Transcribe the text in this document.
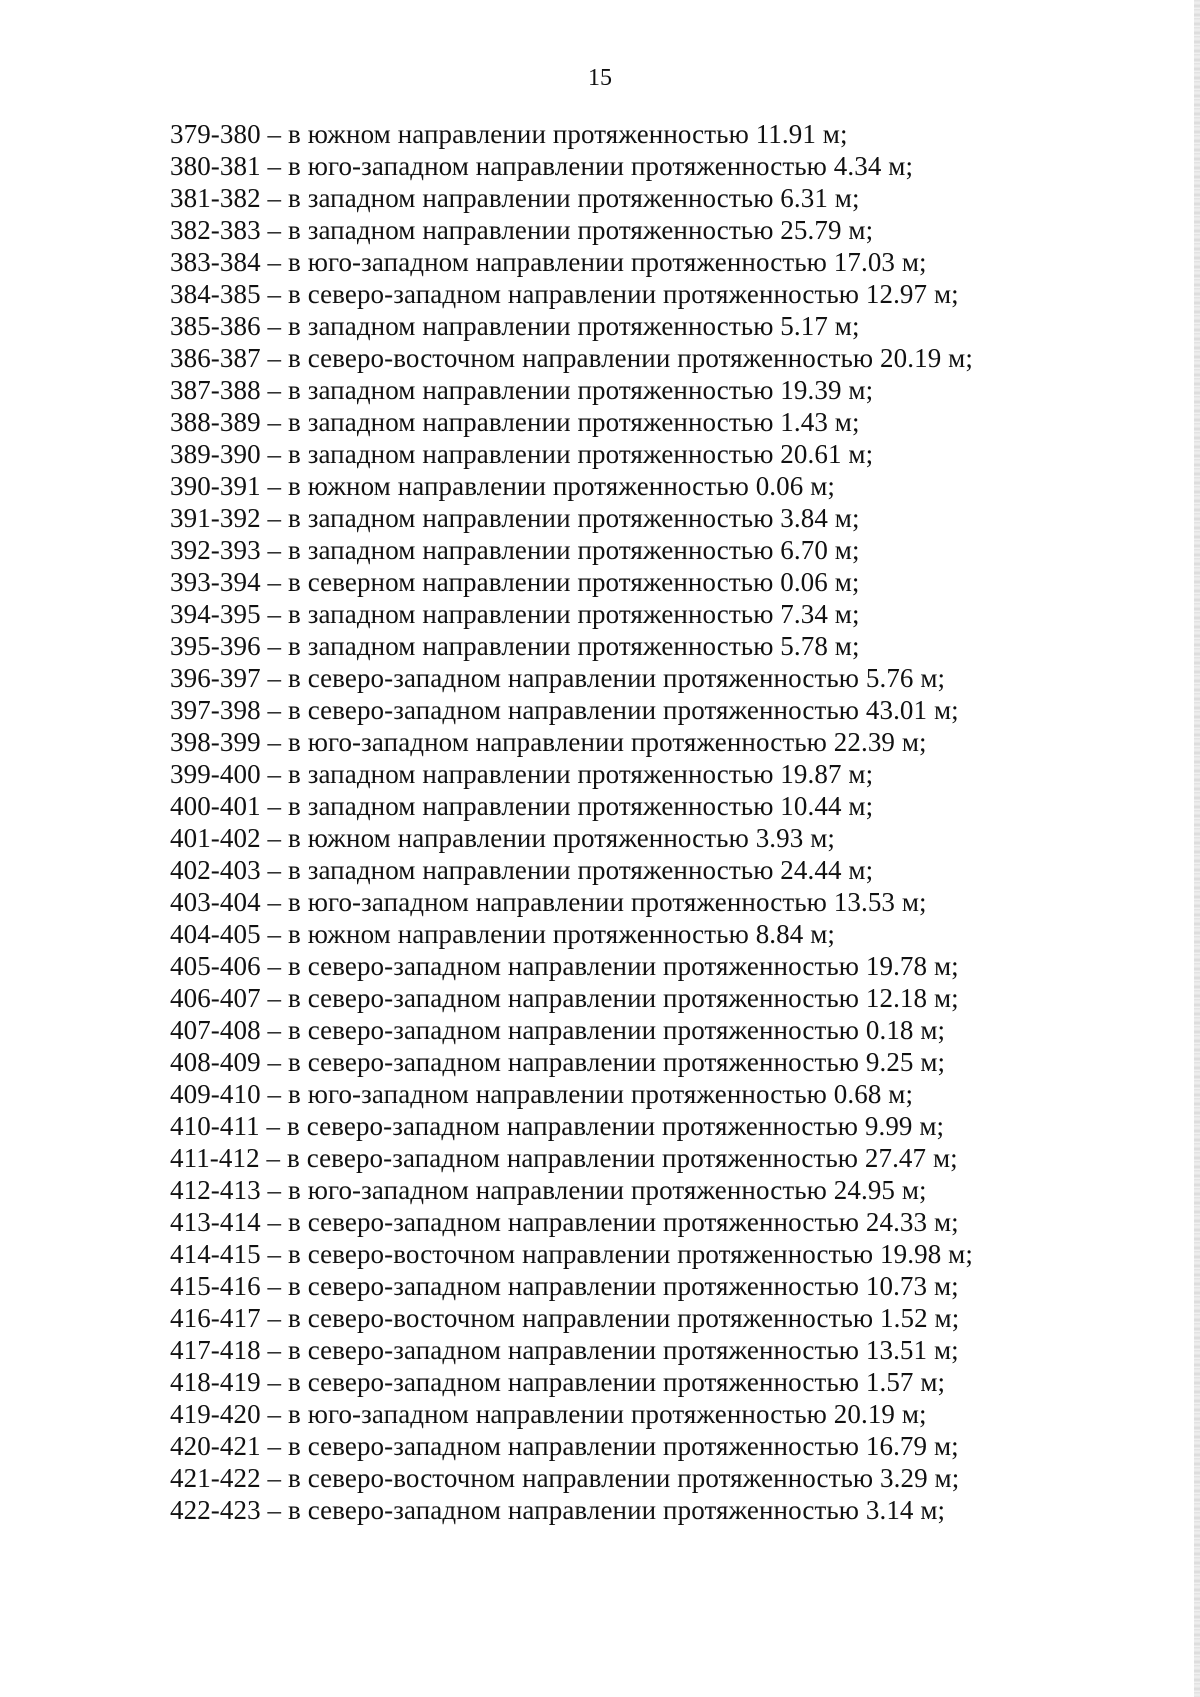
15
379-380 – в южном направлении протяженностью 11.91 м;
380-381 – в юго-западном направлении протяженностью 4.34 м;
381-382 – в западном направлении протяженностью 6.31 м;
382-383 – в западном направлении протяженностью 25.79 м;
383-384 – в юго-западном направлении протяженностью 17.03 м;
384-385 – в северо-западном направлении протяженностью 12.97 м;
385-386 – в западном направлении протяженностью 5.17 м;
386-387 – в северо-восточном направлении протяженностью 20.19 м;
387-388 – в западном направлении протяженностью 19.39 м;
388-389 – в западном направлении протяженностью 1.43 м;
389-390 – в западном направлении протяженностью 20.61 м;
390-391 – в южном направлении протяженностью 0.06 м;
391-392 – в западном направлении протяженностью 3.84 м;
392-393 – в западном направлении протяженностью 6.70 м;
393-394 – в северном направлении протяженностью 0.06 м;
394-395 – в западном направлении протяженностью 7.34 м;
395-396 – в западном направлении протяженностью 5.78 м;
396-397 – в северо-западном направлении протяженностью 5.76 м;
397-398 – в северо-западном направлении протяженностью 43.01 м;
398-399 – в юго-западном направлении протяженностью 22.39 м;
399-400 – в западном направлении протяженностью 19.87 м;
400-401 – в западном направлении протяженностью 10.44 м;
401-402 – в южном направлении протяженностью 3.93 м;
402-403 – в западном направлении протяженностью 24.44 м;
403-404 – в юго-западном направлении протяженностью 13.53 м;
404-405 – в южном направлении протяженностью 8.84 м;
405-406 – в северо-западном направлении протяженностью 19.78 м;
406-407 – в северо-западном направлении протяженностью 12.18 м;
407-408 – в северо-западном направлении протяженностью 0.18 м;
408-409 – в северо-западном направлении протяженностью 9.25 м;
409-410 – в юго-западном направлении протяженностью 0.68 м;
410-411 – в северо-западном направлении протяженностью 9.99 м;
411-412 – в северо-западном направлении протяженностью 27.47 м;
412-413 – в юго-западном направлении протяженностью 24.95 м;
413-414 – в северо-западном направлении протяженностью 24.33 м;
414-415 – в северо-восточном направлении протяженностью 19.98 м;
415-416 – в северо-западном направлении протяженностью 10.73 м;
416-417 – в северо-восточном направлении протяженностью 1.52 м;
417-418 – в северо-западном направлении протяженностью 13.51 м;
418-419 – в северо-западном направлении протяженностью 1.57 м;
419-420 – в юго-западном направлении протяженностью 20.19 м;
420-421 – в северо-западном направлении протяженностью 16.79 м;
421-422 – в северо-восточном направлении протяженностью 3.29 м;
422-423 – в северо-западном направлении протяженностью 3.14 м;
